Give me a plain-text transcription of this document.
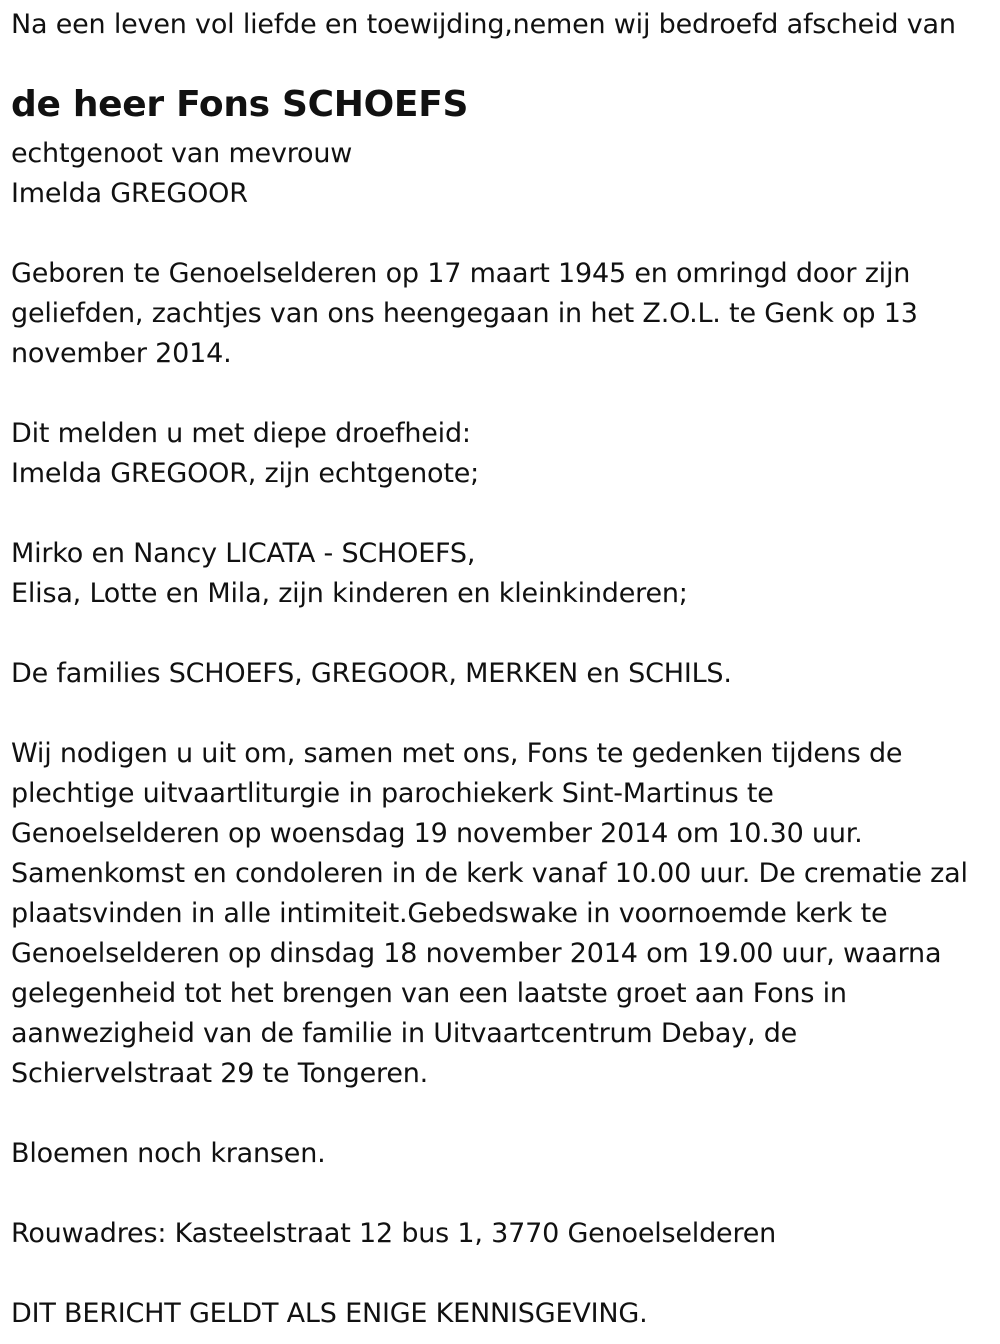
Na een leven vol liefde en toewijding,nemen wij bedroefd afscheid van
de heer Fons SCHOEFS
echtgenoot van mevrouw
Imelda GREGOOR
Geboren te Genoelselderen op 17 maart 1945 en omringd door zijn
geliefden, zachtjes van ons heengegaan in het Z.O.L. te Genk op 13
november 2014.
Dit melden u met diepe droefheid:
Imelda GREGOOR, zijn echtgenote;
Mirko en Nancy LICATA - SCHOEFS,
Elisa, Lotte en Mila, zijn kinderen en kleinkinderen;
De families SCHOEFS, GREGOOR, MERKEN en SCHILS.
Wij nodigen u uit om, samen met ons, Fons te gedenken tijdens de
plechtige uitvaartliturgie in parochiekerk Sint-Martinus te
Genoelselderen op woensdag 19 november 2014 om 10.30 uur.
Samenkomst en condoleren in de kerk vanaf 10.00 uur. De crematie zal
plaatsvinden in alle intimiteit.Gebedswake in voornoemde kerk te
Genoelselderen op dinsdag 18 november 2014 om 19.00 uur, waarna
gelegenheid tot het brengen van een laatste groet aan Fons in
aanwezigheid van de familie in Uitvaartcentrum Debay, de
Schiervelstraat 29 te Tongeren.
Bloemen noch kransen.
Rouwadres: Kasteelstraat 12 bus 1, 3770 Genoelselderen
DIT BERICHT GELDT ALS ENIGE KENNISGEVING.
